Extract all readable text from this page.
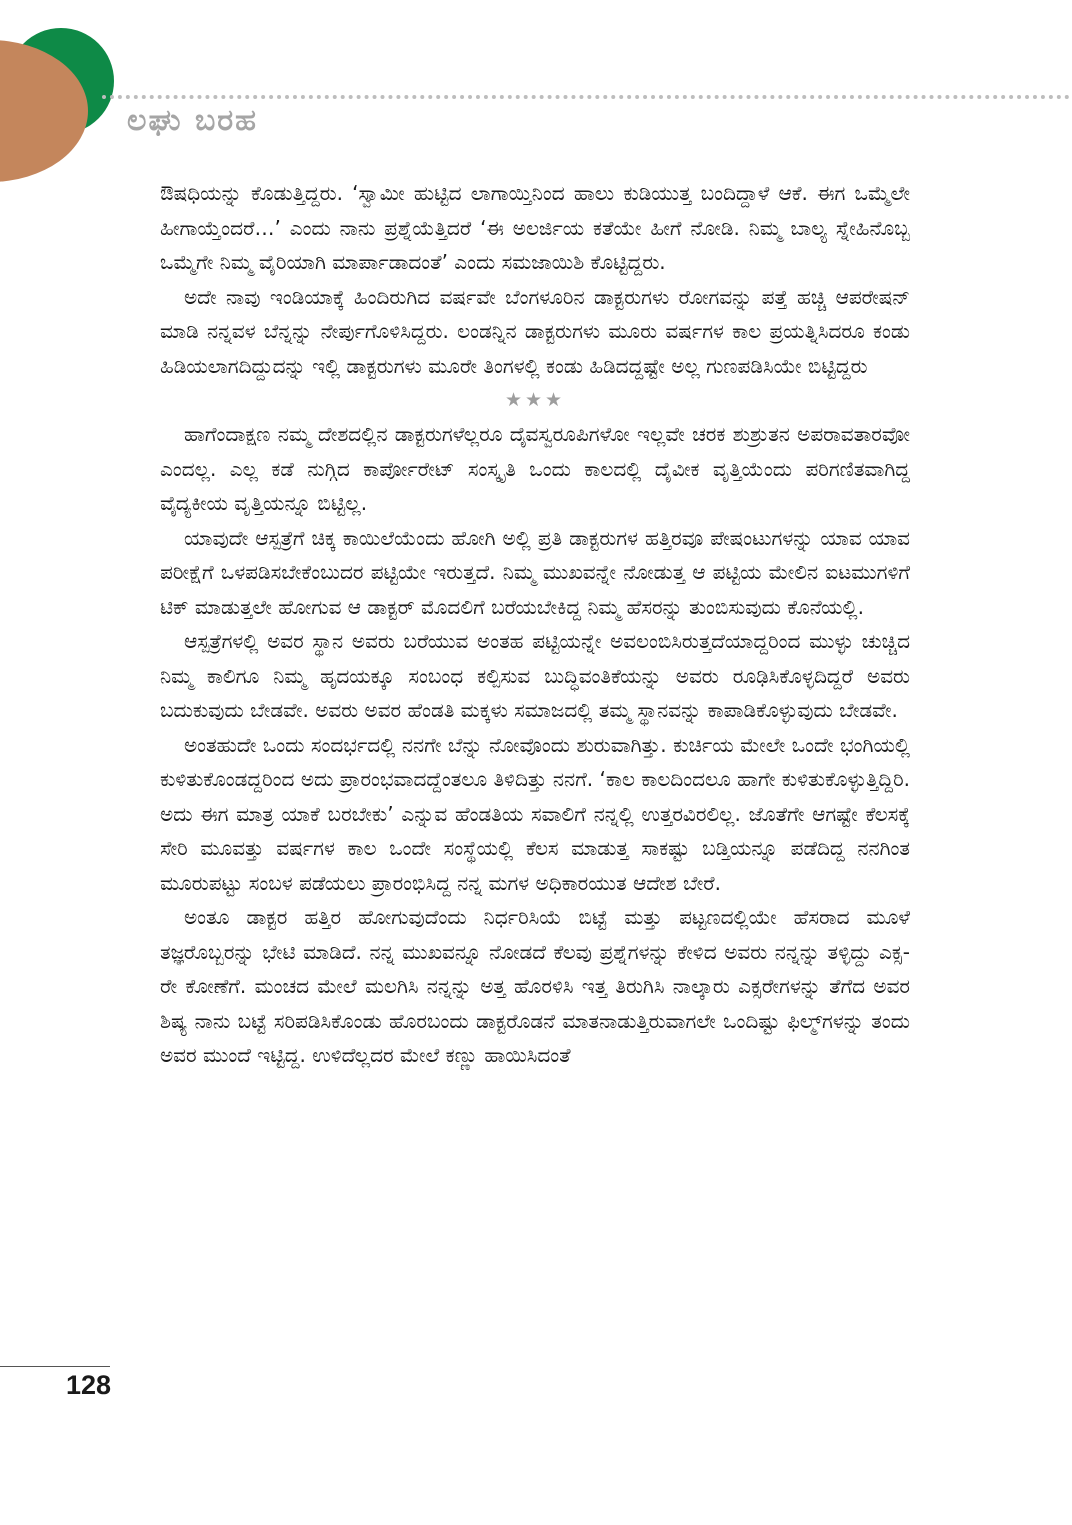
ಲಘು ಬರಹ

ಔಷಧಿಯನ್ನು ಕೊಡುತ್ತಿದ್ದರು. ‘ಸ್ವಾಮೀ ಹುಟ್ಟಿದ ಲಾಗಾಯ್ತಿನಿಂದ ಹಾಲು ಕುಡಿಯುತ್ತ ಬಂದಿದ್ದಾಳೆ ಆಕೆ. ಈಗ ಒಮ್ಮೆಲೇ ಹೀಗಾಯ್ತೆಂದರೆ…’ ಎಂದು ನಾನು ಪ್ರಶ್ನೆಯೆತ್ತಿದರೆ ‘ಈ ಅಲರ್ಜಿಯ ಕತೆಯೇ ಹೀಗೆ ನೋಡಿ. ನಿಮ್ಮ ಬಾಲ್ಯ ಸ್ನೇಹಿನೊಬ್ಬ ಒಮ್ಮೆಗೇ ನಿಮ್ಮ ವೈರಿಯಾಗಿ ಮಾರ್ಪಾಡಾದಂತೆ’ ಎಂದು ಸಮಜಾಯಿಶಿ ಕೊಟ್ಟಿದ್ದರು.

ಅದೇ ನಾವು ಇಂಡಿಯಾಕ್ಕೆ ಹಿಂದಿರುಗಿದ ವರ್ಷವೇ ಬೆಂಗಳೂರಿನ ಡಾಕ್ಟರುಗಳು ರೋಗವನ್ನು ಪತ್ತೆ ಹಚ್ಚಿ ಆಪರೇಷನ್ ಮಾಡಿ ನನ್ನವಳ ಬೆನ್ನನ್ನು ನೇರ್ಪುಗೊಳಿಸಿದ್ದರು. ಲಂಡನ್ನಿನ ಡಾಕ್ಟರುಗಳು ಮೂರು ವರ್ಷಗಳ ಕಾಲ ಪ್ರಯತ್ನಿಸಿದರೂ ಕಂಡು ಹಿಡಿಯಲಾಗದಿದ್ದುದನ್ನು ಇಲ್ಲಿ ಡಾಕ್ಟರುಗಳು ಮೂರೇ ತಿಂಗಳಲ್ಲಿ ಕಂಡು ಹಿಡಿದದ್ದಷ್ಟೇ ಅಲ್ಲ ಗುಣಪಡಿಸಿಯೇ ಬಿಟ್ಟಿದ್ದರು

★★★

ಹಾಗೆಂದಾಕ್ಷಣ ನಮ್ಮ ದೇಶದಲ್ಲಿನ ಡಾಕ್ಟರುಗಳೆಲ್ಲರೂ ದೈವಸ್ವರೂಪಿಗಳೋ ಇಲ್ಲವೇ ಚರಕ ಶುಶ್ರುತನ ಅಪರಾವತಾರವೋ ಎಂದಲ್ಲ. ಎಲ್ಲ ಕಡೆ ನುಗ್ಗಿದ ಕಾರ್ಪೋರೇಟ್ ಸಂಸ್ಕೃತಿ ಒಂದು ಕಾಲದಲ್ಲಿ ದೈವೀಕ ವೃತ್ತಿಯೆಂದು ಪರಿಗಣಿತವಾಗಿದ್ದ ವೈದ್ಯಕೀಯ ವೃತ್ತಿಯನ್ನೂ ಬಿಟ್ಟಿಲ್ಲ.

ಯಾವುದೇ ಆಸ್ಪತ್ರೆಗೆ ಚಿಕ್ಕ ಕಾಯಿಲೆಯೆಂದು ಹೋಗಿ ಅಲ್ಲಿ ಪ್ರತಿ ಡಾಕ್ಟರುಗಳ ಹತ್ತಿರವೂ ಪೇಷಂಟುಗಳನ್ನು ಯಾವ ಯಾವ ಪರೀಕ್ಷೆಗೆ ಒಳಪಡಿಸಬೇಕೆಂಬುದರ ಪಟ್ಟಿಯೇ ಇರುತ್ತದೆ. ನಿಮ್ಮ ಮುಖವನ್ನೇ ನೋಡುತ್ತ ಆ ಪಟ್ಟಿಯ ಮೇಲಿನ ಐಟಮುಗಳಿಗೆ ಟಿಕ್ ಮಾಡುತ್ತಲೇ ಹೋಗುವ ಆ ಡಾಕ್ಟರ್ ಮೊದಲಿಗೆ ಬರೆಯಬೇಕಿದ್ದ ನಿಮ್ಮ ಹೆಸರನ್ನು ತುಂಬಿಸುವುದು ಕೊನೆಯಲ್ಲಿ.

ಆಸ್ಪತ್ರೆಗಳಲ್ಲಿ ಅವರ ಸ್ಥಾನ ಅವರು ಬರೆಯುವ ಅಂತಹ ಪಟ್ಟಿಯನ್ನೇ ಅವಲಂಬಿಸಿರುತ್ತದೆಯಾದ್ದರಿಂದ ಮುಳ್ಳು ಚುಚ್ಚಿದ ನಿಮ್ಮ ಕಾಲಿಗೂ ನಿಮ್ಮ ಹೃದಯಕ್ಕೂ ಸಂಬಂಧ ಕಲ್ಪಿಸುವ ಬುದ್ಧಿವಂತಿಕೆಯನ್ನು ಅವರು ರೂಢಿಸಿಕೊಳ್ಳದಿದ್ದರೆ ಅವರು ಬದುಕುವುದು ಬೇಡವೇ. ಅವರು ಅವರ ಹೆಂಡತಿ ಮಕ್ಕಳು ಸಮಾಜದಲ್ಲಿ ತಮ್ಮ ಸ್ಥಾನವನ್ನು ಕಾಪಾಡಿಕೊಳ್ಳುವುದು ಬೇಡವೇ.

ಅಂತಹುದೇ ಒಂದು ಸಂದರ್ಭದಲ್ಲಿ ನನಗೇ ಬೆನ್ನು ನೋವೊಂದು ಶುರುವಾಗಿತ್ತು. ಕುರ್ಚಿಯ ಮೇಲೇ ಒಂದೇ ಭಂಗಿಯಲ್ಲಿ ಕುಳಿತುಕೊಂಡದ್ದರಿಂದ ಅದು ಪ್ರಾರಂಭವಾದದ್ದೆಂತಲೂ ತಿಳಿದಿತ್ತು ನನಗೆ. ‘ಕಾಲ ಕಾಲದಿಂದಲೂ ಹಾಗೇ ಕುಳಿತುಕೊಳ್ಳುತ್ತಿದ್ದಿರಿ. ಅದು ಈಗ ಮಾತ್ರ ಯಾಕೆ ಬರಬೇಕು’ ಎನ್ನುವ ಹೆಂಡತಿಯ ಸವಾಲಿಗೆ ನನ್ನಲ್ಲಿ ಉತ್ತರವಿರಲಿಲ್ಲ. ಜೊತೆಗೇ ಆಗಷ್ಟೇ ಕೆಲಸಕ್ಕೆ ಸೇರಿ ಮೂವತ್ತು ವರ್ಷಗಳ ಕಾಲ ಒಂದೇ ಸಂಸ್ಥೆಯಲ್ಲಿ ಕೆಲಸ ಮಾಡುತ್ತ ಸಾಕಷ್ಟು ಬಡ್ತಿಯನ್ನೂ ಪಡೆದಿದ್ದ ನನಗಿಂತ ಮೂರುಪಟ್ಟು ಸಂಬಳ ಪಡೆಯಲು ಪ್ರಾರಂಭಿಸಿದ್ದ ನನ್ನ ಮಗಳ ಅಧಿಕಾರಯುತ ಆದೇಶ ಬೇರೆ.

ಅಂತೂ ಡಾಕ್ಟರ ಹತ್ತಿರ ಹೋಗುವುದೆಂದು ನಿರ್ಧರಿಸಿಯೆ ಬಿಟ್ಟೆ ಮತ್ತು ಪಟ್ಟಣದಲ್ಲಿಯೇ ಹೆಸರಾದ ಮೂಳೆ ತಜ್ಞರೊಬ್ಬರನ್ನು ಭೇಟಿ ಮಾಡಿದೆ. ನನ್ನ ಮುಖವನ್ನೂ ನೋಡದೆ ಕೆಲವು ಪ್ರಶ್ನೆಗಳನ್ನು ಕೇಳಿದ ಅವರು ನನ್ನನ್ನು ತಳ್ಳಿದ್ದು ಎಕ್ಸ-ರೇ ಕೋಣೆಗೆ. ಮಂಚದ ಮೇಲೆ ಮಲಗಿಸಿ ನನ್ನನ್ನು ಅತ್ತ ಹೊರಳಿಸಿ ಇತ್ತ ತಿರುಗಿಸಿ ನಾಲ್ಕಾರು ಎಕ್ಸರೇಗಳನ್ನು ತೆಗೆದ ಅವರ ಶಿಷ್ಯ ನಾನು ಬಟ್ಟೆ ಸರಿಪಡಿಸಿಕೊಂಡು ಹೊರಬಂದು ಡಾಕ್ಟರೊಡನೆ ಮಾತನಾಡುತ್ತಿರುವಾಗಲೇ ಒಂದಿಷ್ಟು ಫಿಲ್ಮ್‌ಗಳನ್ನು ತಂದು ಅವರ ಮುಂದೆ ಇಟ್ಟಿದ್ದ. ಉಳಿದೆಲ್ಲದರ ಮೇಲೆ ಕಣ್ಣು ಹಾಯಿಸಿದಂತೆ

128
